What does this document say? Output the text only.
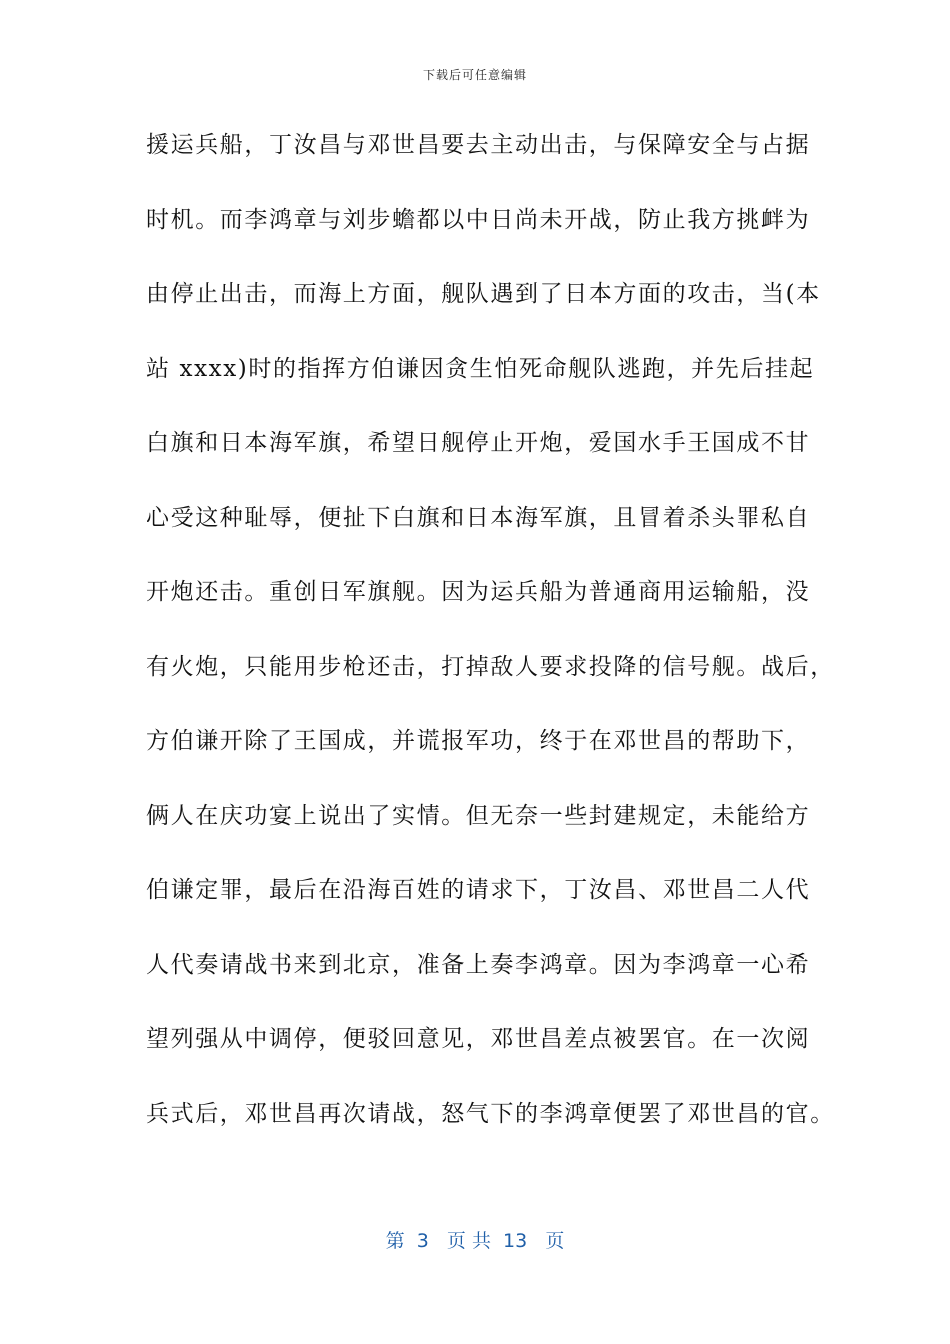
下载后可任意编辑
援运兵船，丁汝昌与邓世昌要去主动出击，与保障安全与占据
时机。而李鸿章与刘步蟾都以中日尚未开战，防止我方挑衅为
由停止出击，而海上方面，舰队遇到了日本方面的攻击，当(本
站 xxxx)时的指挥方伯谦因贪生怕死命舰队逃跑，并先后挂起
白旗和日本海军旗，希望日舰停止开炮，爱国水手王国成不甘
心受这种耻辱，便扯下白旗和日本海军旗，且冒着杀头罪私自
开炮还击。重创日军旗舰。因为运兵船为普通商用运输船，没
有火炮，只能用步枪还击，打掉敌人要求投降的信号舰。战后，
方伯谦开除了王国成，并谎报军功，终于在邓世昌的帮助下，
俩人在庆功宴上说出了实情。但无奈一些封建规定，未能给方
伯谦定罪，最后在沿海百姓的请求下，丁汝昌、邓世昌二人代
人代奏请战书来到北京，准备上奏李鸿章。因为李鸿章一心希
望列强从中调停，便驳回意见，邓世昌差点被罢官。在一次阅
兵式后，邓世昌再次请战，怒气下的李鸿章便罢了邓世昌的官。
第  3   页 共  13   页
